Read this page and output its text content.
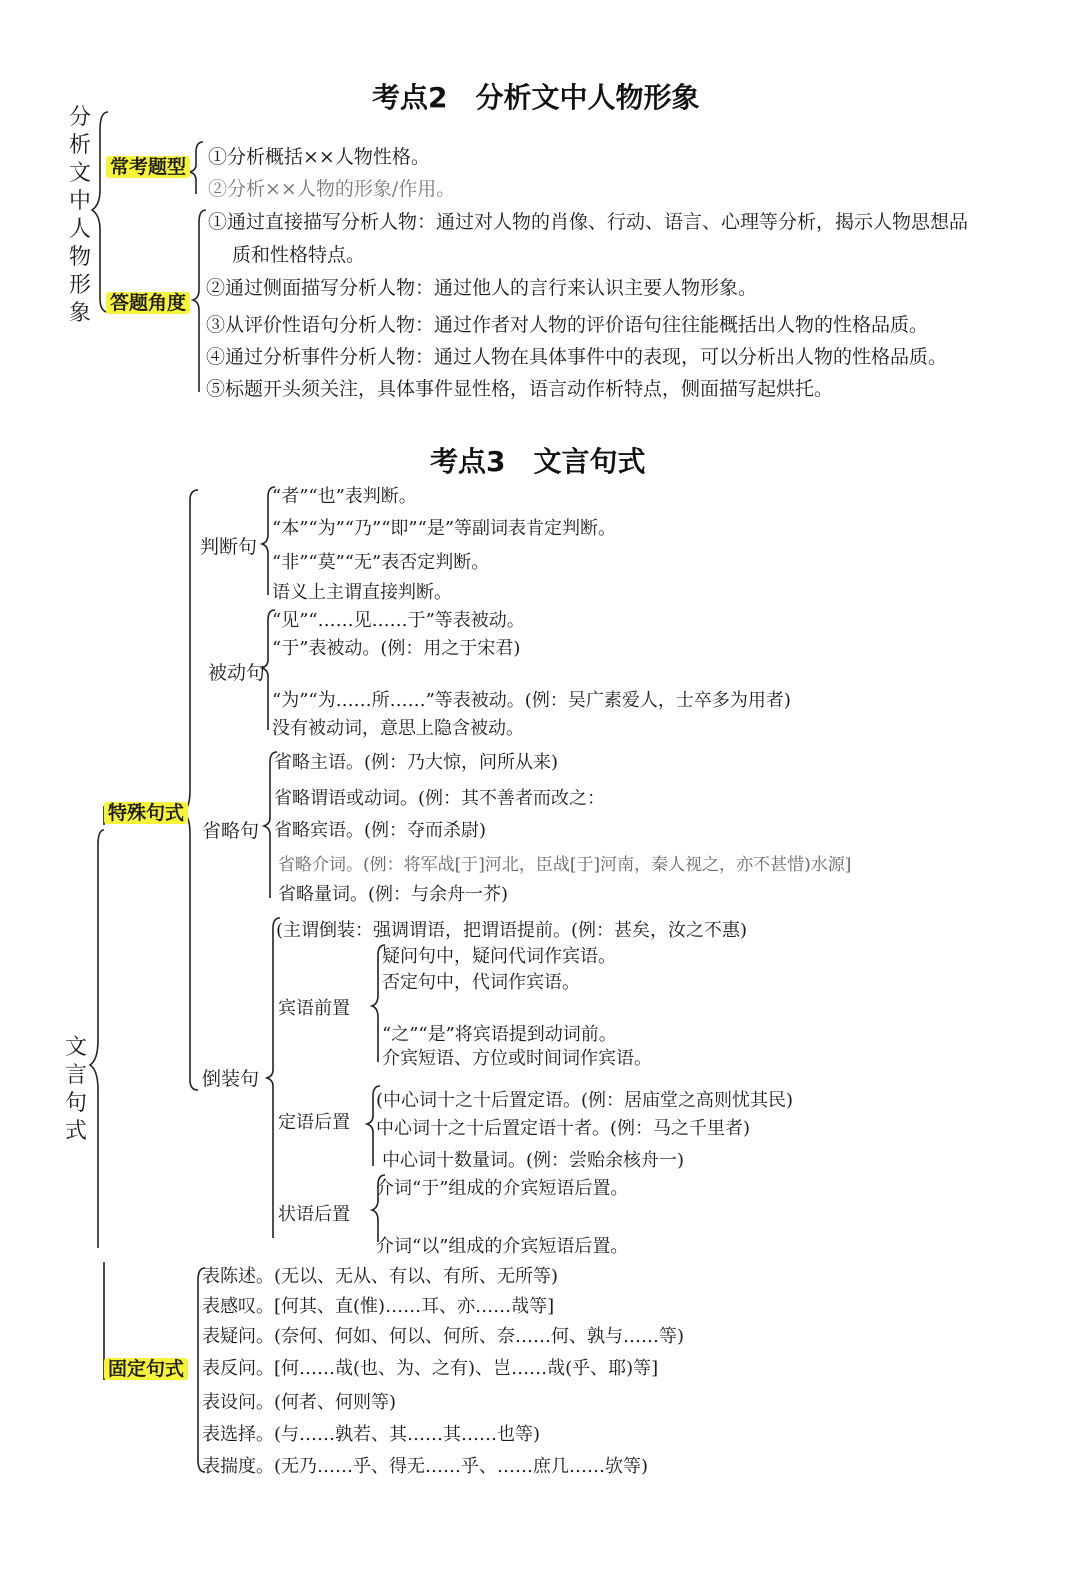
考点2　分析文中人物形象
分析文中人物形象
常考题型 ①分析概括××人物性格。
②分析××人物的形象/作用。
答题角度
①通过直接描写分析人物：通过对人物的肖像、行动、语言、心理等分析，揭示人物思想品
质和性格特点。
②通过侧面描写分析人物：通过他人的言行来认识主要人物形象。
③从评价性语句分析人物：通过作者对人物的评价语句往往能概括出人物的性格品质。
④通过分析事件分析人物：通过人物在具体事件中的表现，可以分析出人物的性格品质。
⑤标题开头须关注，具体事件显性格，语言动作析特点，侧面描写起烘托。
考点3　文言句式
文言句式
特殊句式
固定句式
判断句
“者”“也”表判断。
“本”“为”“乃”“即”“是”等副词表肯定判断。
“非”“莫”“无”表否定判断。
语义上主谓直接判断。
被动句
“见”“……见……于”等表被动。
“于”表被动。(例：用之于宋君)
“为”“为……所……”等表被动。(例：吴广素爱人，士卒多为用者)
没有被动词，意思上隐含被动。
省略句
省略主语。(例：乃大惊，问所从来)
省略谓语或动词。(例：其不善者而改之：
省略宾语。(例：夺而杀尉)
省略介词。(例：将军战[于]河北，臣战[于]河南，秦人视之，亦不甚惜)水源]
省略量词。(例：与余舟一芥)
倒装句
(主谓倒装：强调谓语，把谓语提前。(例：甚矣，汝之不惠)
宾语前置
疑问句中，疑问代词作宾语。
否定句中，代词作宾语。
“之”“是”将宾语提到动词前。
介宾短语、方位或时间词作宾语。
定语后置
(中心词十之十后置定语。(例：居庙堂之高则忧其民)
中心词十之十后置定语十者。(例：马之千里者)
中心词十数量词。(例：尝贻余核舟一)
状语后置
介词“于”组成的介宾短语后置。
介词“以”组成的介宾短语后置。
表陈述。(无以、无从、有以、有所、无所等)
表感叹。[何其、直(惟)……耳、亦……哉等]
表疑问。(奈何、何如、何以、何所、奈……何、孰与……等)
表反问。[何……哉(也、为、之有)、岂……哉(乎、耶)等]
表设问。(何者、何则等)
表选择。(与……孰若、其……其……也等)
表揣度。(无乃……乎、得无……乎、……庶几……欤等)
